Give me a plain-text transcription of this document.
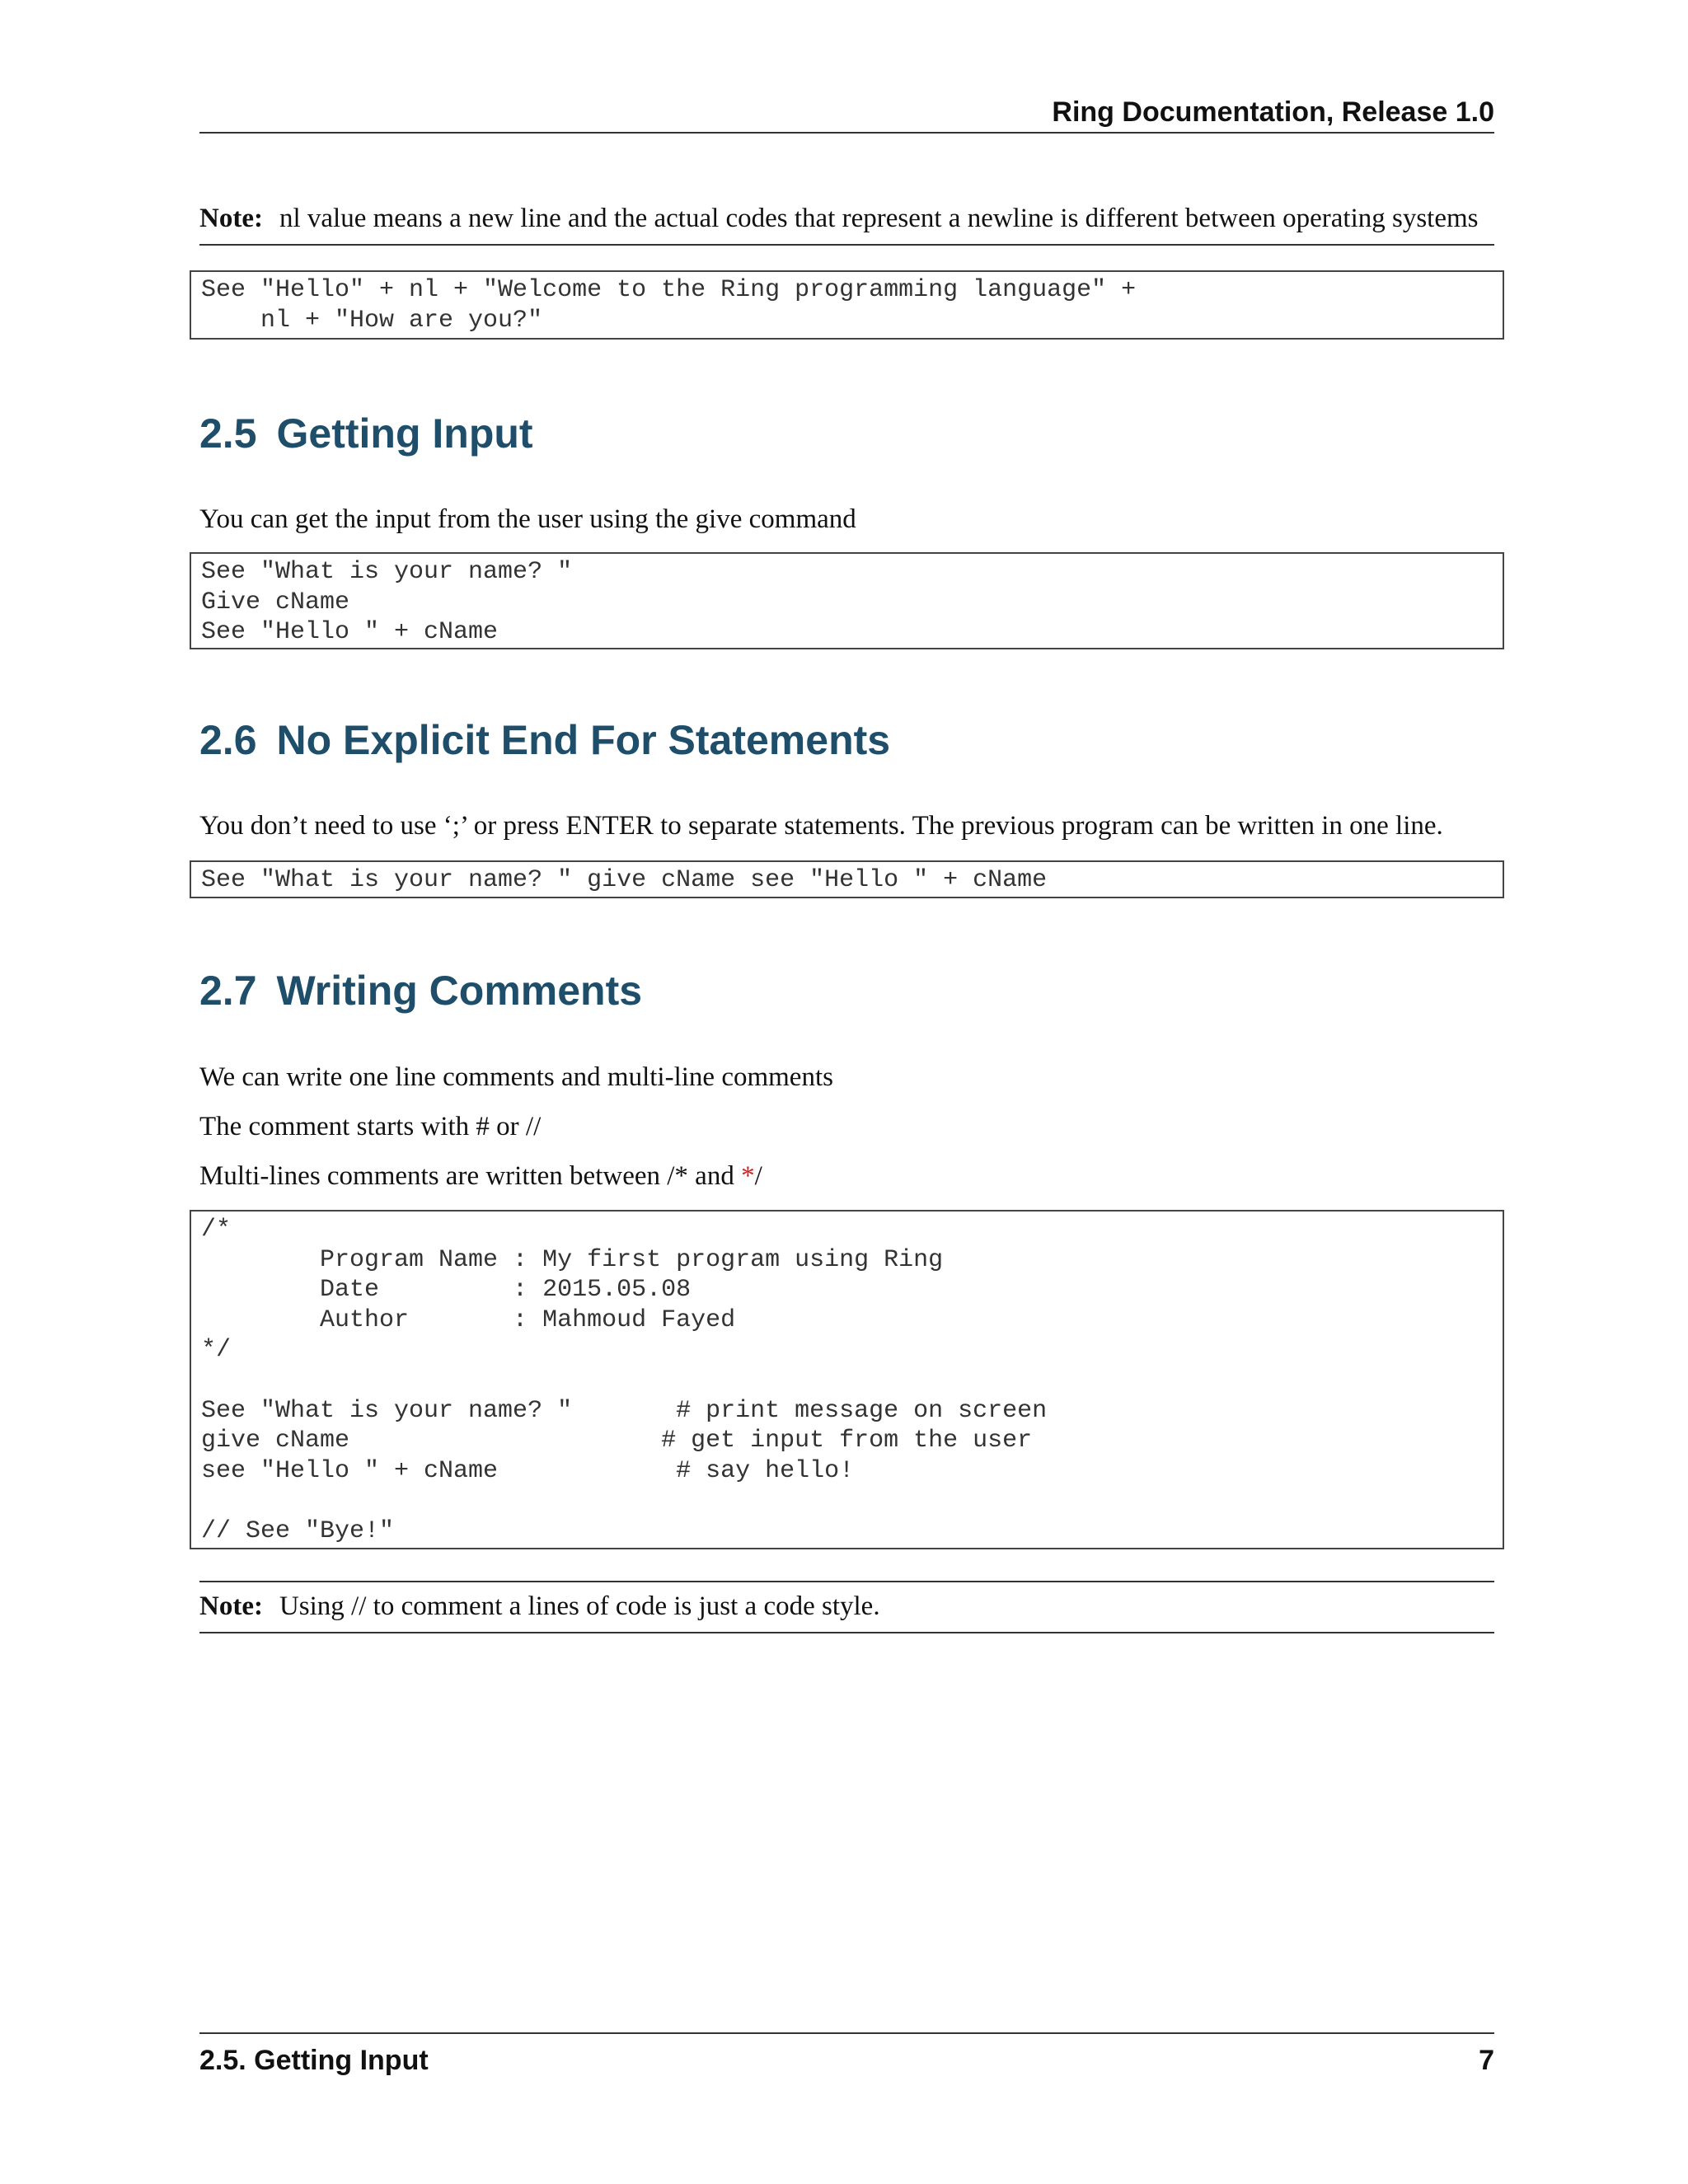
Ring Documentation, Release 1.0
Note: nl value means a new line and the actual codes that represent a newline is different between operating systems
See "Hello" + nl + "Welcome to the Ring programming language" +
nl + "How are you?"
2.5 Getting Input
You can get the input from the user using the give command
See "What is your name? "
Give cName
See "Hello " + cName
2.6 No Explicit End For Statements
You don’t need to use ‘;’ or press ENTER to separate statements. The previous program can be written in one line.
See "What is your name? " give cName see "Hello " + cName
2.7 Writing Comments
We can write one line comments and multi-line comments
The comment starts with # or //
Multi-lines comments are written between /* and */
/*
Program Name : My first program using Ring
Date         : 2015.05.08
Author       : Mahmoud Fayed
*/
See "What is your name? "       # print message on screen
give cName                     # get input from the user
see "Hello " + cName            # say hello!
// See "Bye!"
Note: Using // to comment a lines of code is just a code style.
2.5. Getting Input	7
